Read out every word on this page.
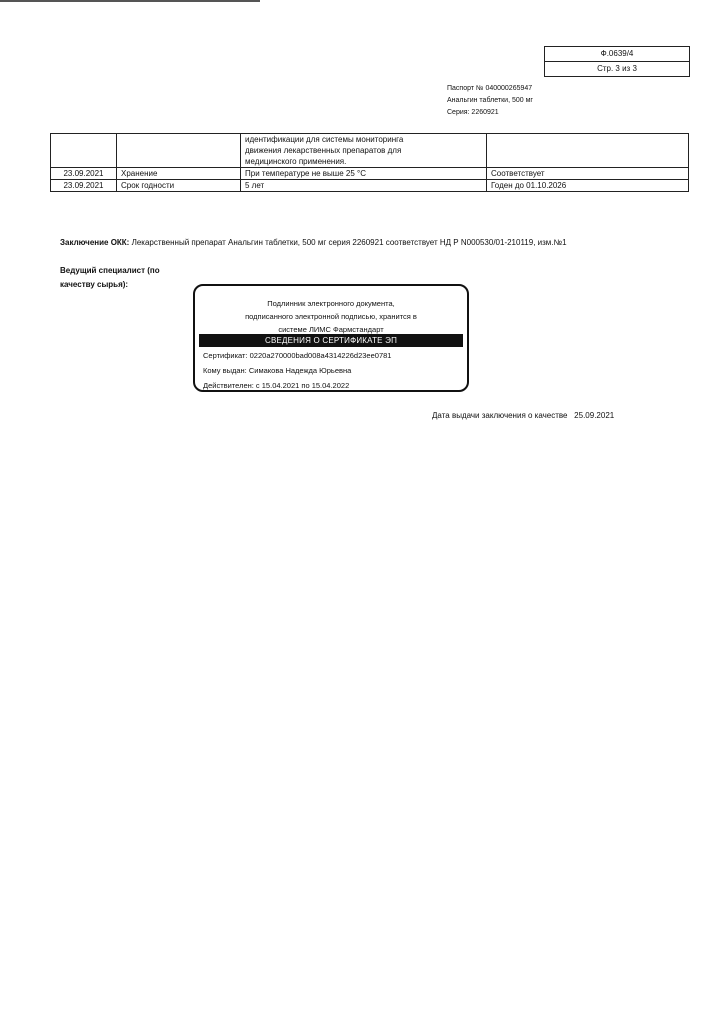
Ф.0639/4
Стр. 3 из 3
Паспорт № 040000265947
Анальгин таблетки, 500 мг
Серия: 2260921
		идентификации для системы мониторинга	
		движения лекарственных препаратов для	
		медицинского применения.	
23.09.2021	Хранение	При температуре не выше 25 °С	Соответствует
23.09.2021	Срок годности	5 лет	Годен до 01.10.2026
Заключение ОКК: Лекарственный препарат Анальгин таблетки, 500 мг серия 2260921 соответствует НД Р N000530/01-210119, изм.№1
Ведущий специалист (по качеству сырья):
Подлинник электронного документа,
подписанного электронной подписью, хранится в
системе ЛИМС Фармстандарт
СВЕДЕНИЯ О СЕРТИФИКАТЕ ЭП
Сертификат: 0220a270000bad008a4314226d23ee0781
Кому выдан: Симакова Надежда Юрьевна
Действителен: с 15.04.2021 по 15.04.2022
Дата выдачи заключения о качестве   25.09.2021
